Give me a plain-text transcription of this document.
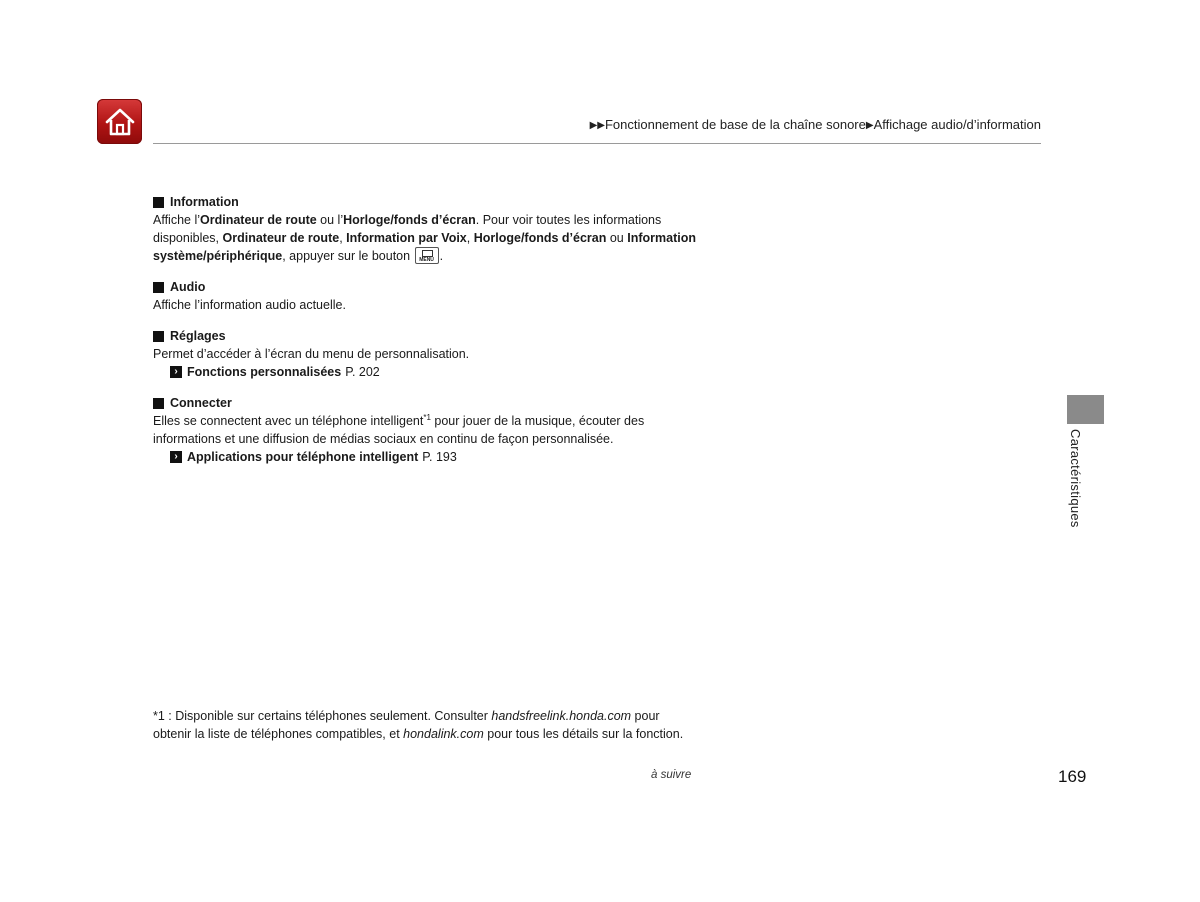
▶▶Fonctionnement de base de la chaîne sonore▶Affichage audio/d’information
Information

Affiche l’Ordinateur de route ou l’Horloge/fonds d’écran. Pour voir toutes les informations disponibles, Ordinateur de route, Information par Voix, Horloge/fonds d’écran ou Information système/périphérique, appuyer sur le bouton	MENU .

Audio

Affiche l’information audio actuelle.

Réglages

Permet d’accéder à l’écran du menu de personnalisation.

› Fonctions personnalisées P. 202
Connecter

Elles se connectent avec un téléphone intelligent$^{*1}$ pour jouer de la musique, écouter des informations et une diffusion de médias sociaux en continu de façon personnalisée.

› Applications pour téléphone intelligent P. 193

*1 : Disponible sur certains téléphones seulement. Consulter handsfreelink.honda.com pour obtenir la liste de téléphones compatibles, et hondalink.com pour tous les détails sur la fonction.

à suivre	169
Caractéristiques
